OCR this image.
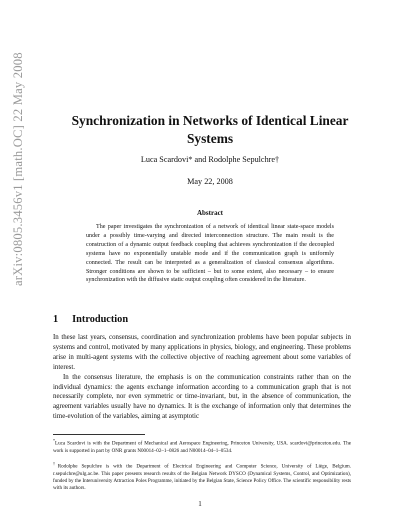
arXiv:0805.3456v1 [math.OC] 22 May 2008	Synchronization in Networks of Identical Linear Systems
Luca Scardovi* and Rodolphe Sepulchre†
May 22, 2008
Abstract
The paper investigates the synchronization of a network of identical linear state-space models under a possibly time-varying and directed interconnection structure. The main result is the construction of a dynamic output feedback coupling that achieves synchronization if the decoupled systems have no exponentially unstable mode and if the communication graph is uniformly connected. The result can be interpreted as a generalization of classical consensus algorithms. Stronger conditions are shown to be sufficient – but to some extent, also necessary – to ensure synchronization with the diffusive static output coupling often considered in the literature.
1 Introduction

In these last years, consensus, coordination and synchronization problems have been popular subjects in systems and control, motivated by many applications in physics, biology, and engineering. These problems arise in multi-agent systems with the collective objective of reaching agreement about some variables of interest.

In the consensus literature, the emphasis is on the communication constraints rather than on the individual dynamics: the agents exchange information according to a communication graph that is not necessarily complete, nor even symmetric or time-invariant, but, in the absence of communication, the agreement variables usually have no dynamics. It is the exchange of information only that determines the time-evolution of the variables, aiming at asymptotic

*Luca Scardovi is with the Department of Mechanical and Aerospace Engineering, Princeton University, USA. scardovi@princeton.edu. The work is supported in part by ONR grants N00014–02–1–0826 and N00014–04–1–0534.
†Rodolphe Sepulchre is with the Department of Electrical Engineering and Computer Science, University of Liège, Belgium. r.sepulchre@ulg.ac.be. This paper presents research results of the Belgian Network DYSCO (Dynamical Systems, Control, and Optimization), funded by the Interuniversity Attraction Poles Programme, initiated by the Belgian State, Science Policy Office. The scientific responsibility rests with its authors.
1
